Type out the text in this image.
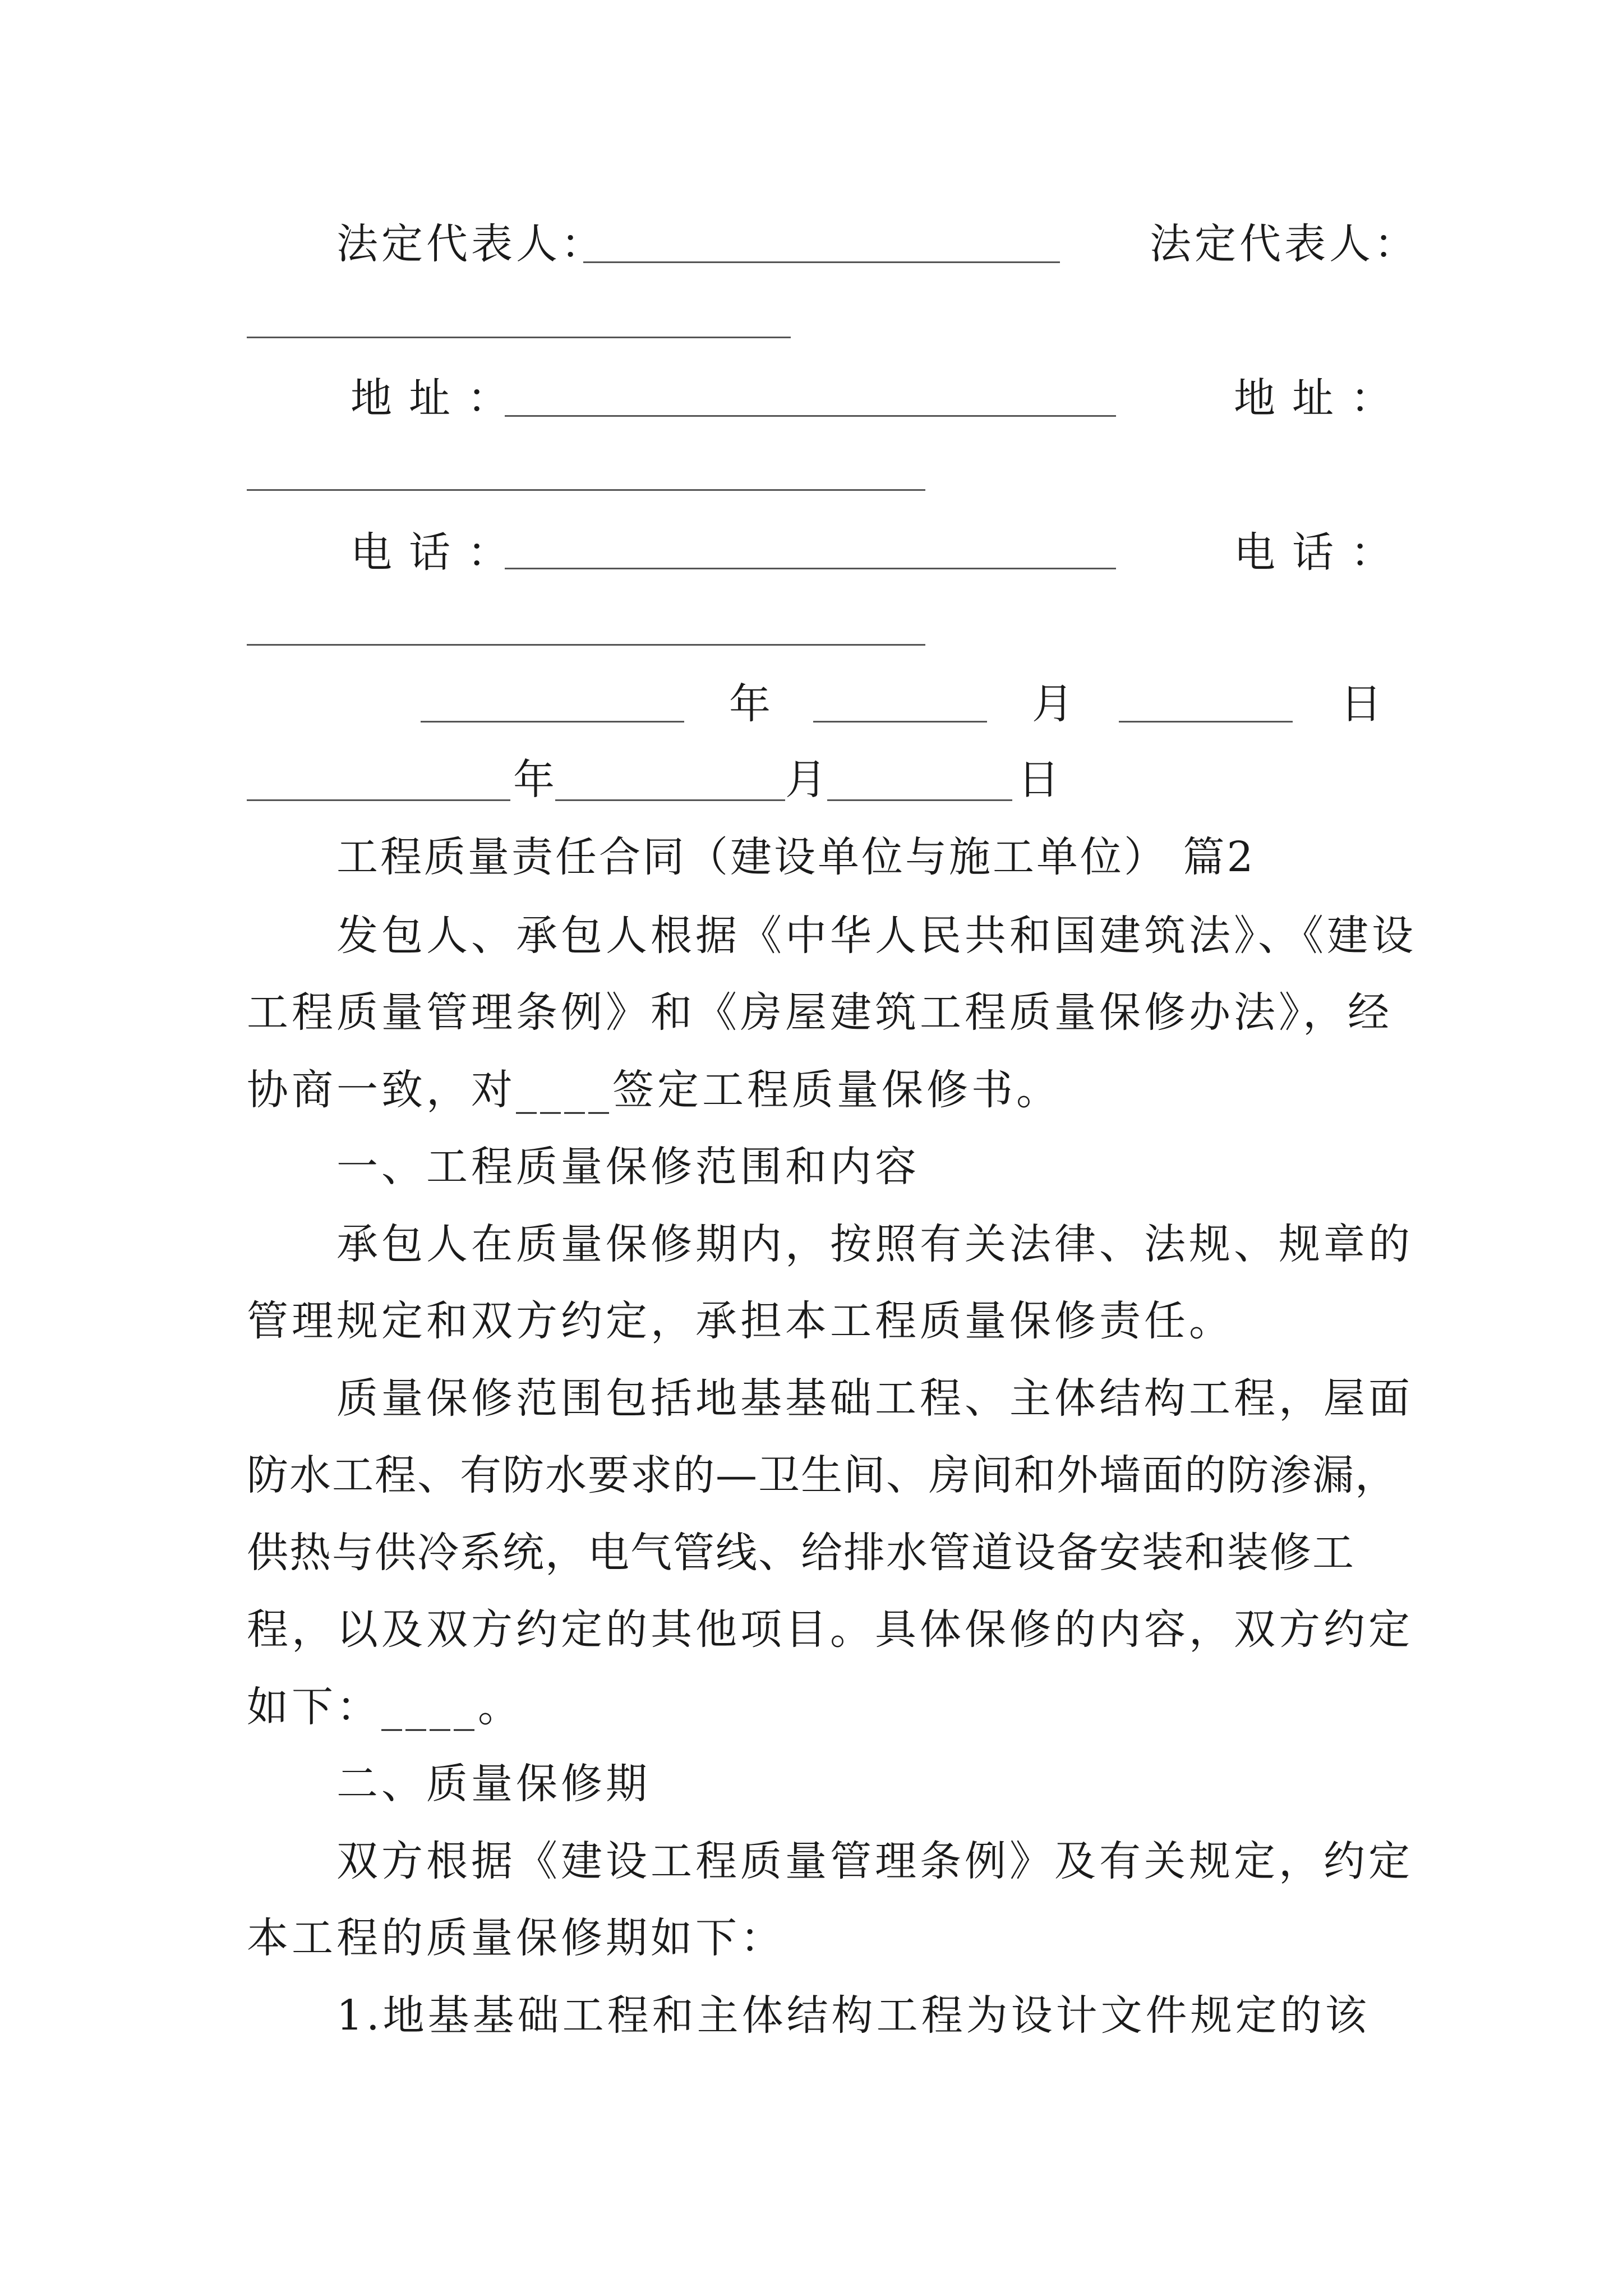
法定代表人：	法定代表人：
地址：	地址：
电话：	电话：
年	月	日
年	月	日
工程质量责任合同（建设单位与施工单位） 篇2
发包人、承包人根据《中华人民共和国建筑法》、《建设
工程质量管理条例》和《房屋建筑工程质量保修办法》，经
协商一致，对____签定工程质量保修书。
一、工程质量保修范围和内容
承包人在质量保修期内，按照有关法律、法规、规章的
管理规定和双方约定，承担本工程质量保修责任。
质量保修范围包括地基基础工程、主体结构工程，屋面
防水工程、有防水要求的—卫生间、房间和外墙面的防渗漏，
供热与供冷系统，电气管线、给排水管道设备安装和装修工
程，以及双方约定的其他项目。具体保修的内容，双方约定
如下：____。
二、质量保修期
双方根据《建设工程质量管理条例》及有关规定，约定
本工程的质量保修期如下：
1.地基基础工程和主体结构工程为设计文件规定的该
